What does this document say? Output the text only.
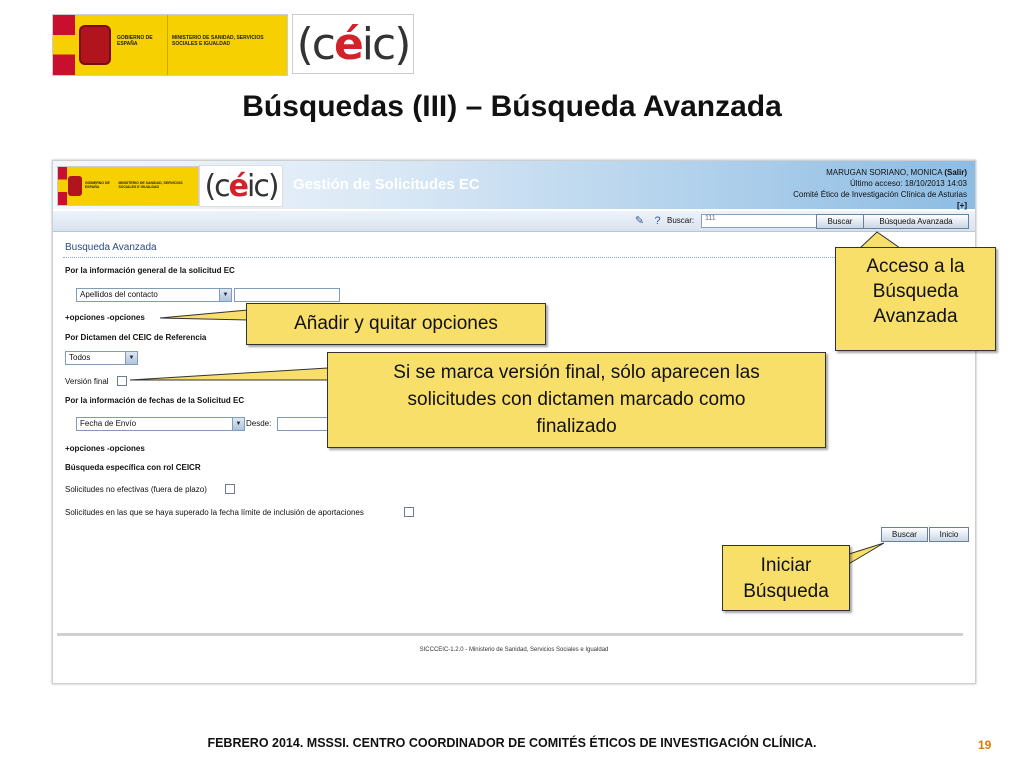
GOBIERNO DE ESPAÑA
MINISTERIO DE SANIDAD, SERVICIOS SOCIALES E IGUALDAD	(c é ic)
Búsquedas (III) – Búsqueda Avanzada
GOBIERNO DE ESPAÑA
MINISTERIO DE SANIDAD, SERVICIOS SOCIALES E IGUALDAD	(c é ic) Gestión de Solicitudes EC
MARUGAN SORIANO, MONICA (Salir)
Último acceso: 18/10/2013 14:03
Comité Ético de Investigación Clínica de Asturias
[+]
✎ ? Buscar:	111	Buscar	Búsqueda Avanzada
Busqueda Avanzada
Por la información general de la solicitud EC
Apellidos del contacto	▼
+opciones -opciones
Por Dictamen del CEIC de Referencia
Todos	▼
Versión final
Por la información de fechas de la Solicitud EC
Fecha de Envío	▼ Desde:
+opciones -opciones
Búsqueda específica con rol CEICR
Solicitudes no efectivas (fuera de plazo)
Solicitudes en las que se haya superado la fecha límite de inclusión de aportaciones
Buscar	Inicio
SICCCEIC-1.2.0 - Ministerio de Sanidad, Servicios Sociales e Igualdad
Acceso a la
Búsqueda
Avanzada
Añadir y quitar opciones
Si se marca versión final, sólo aparecen las
solicitudes con dictamen marcado como
finalizado
Iniciar
Búsqueda
FEBRERO 2014. MSSSI. CENTRO COORDINADOR DE COMITÉS ÉTICOS DE INVESTIGACIÓN CLÍNICA.	19
